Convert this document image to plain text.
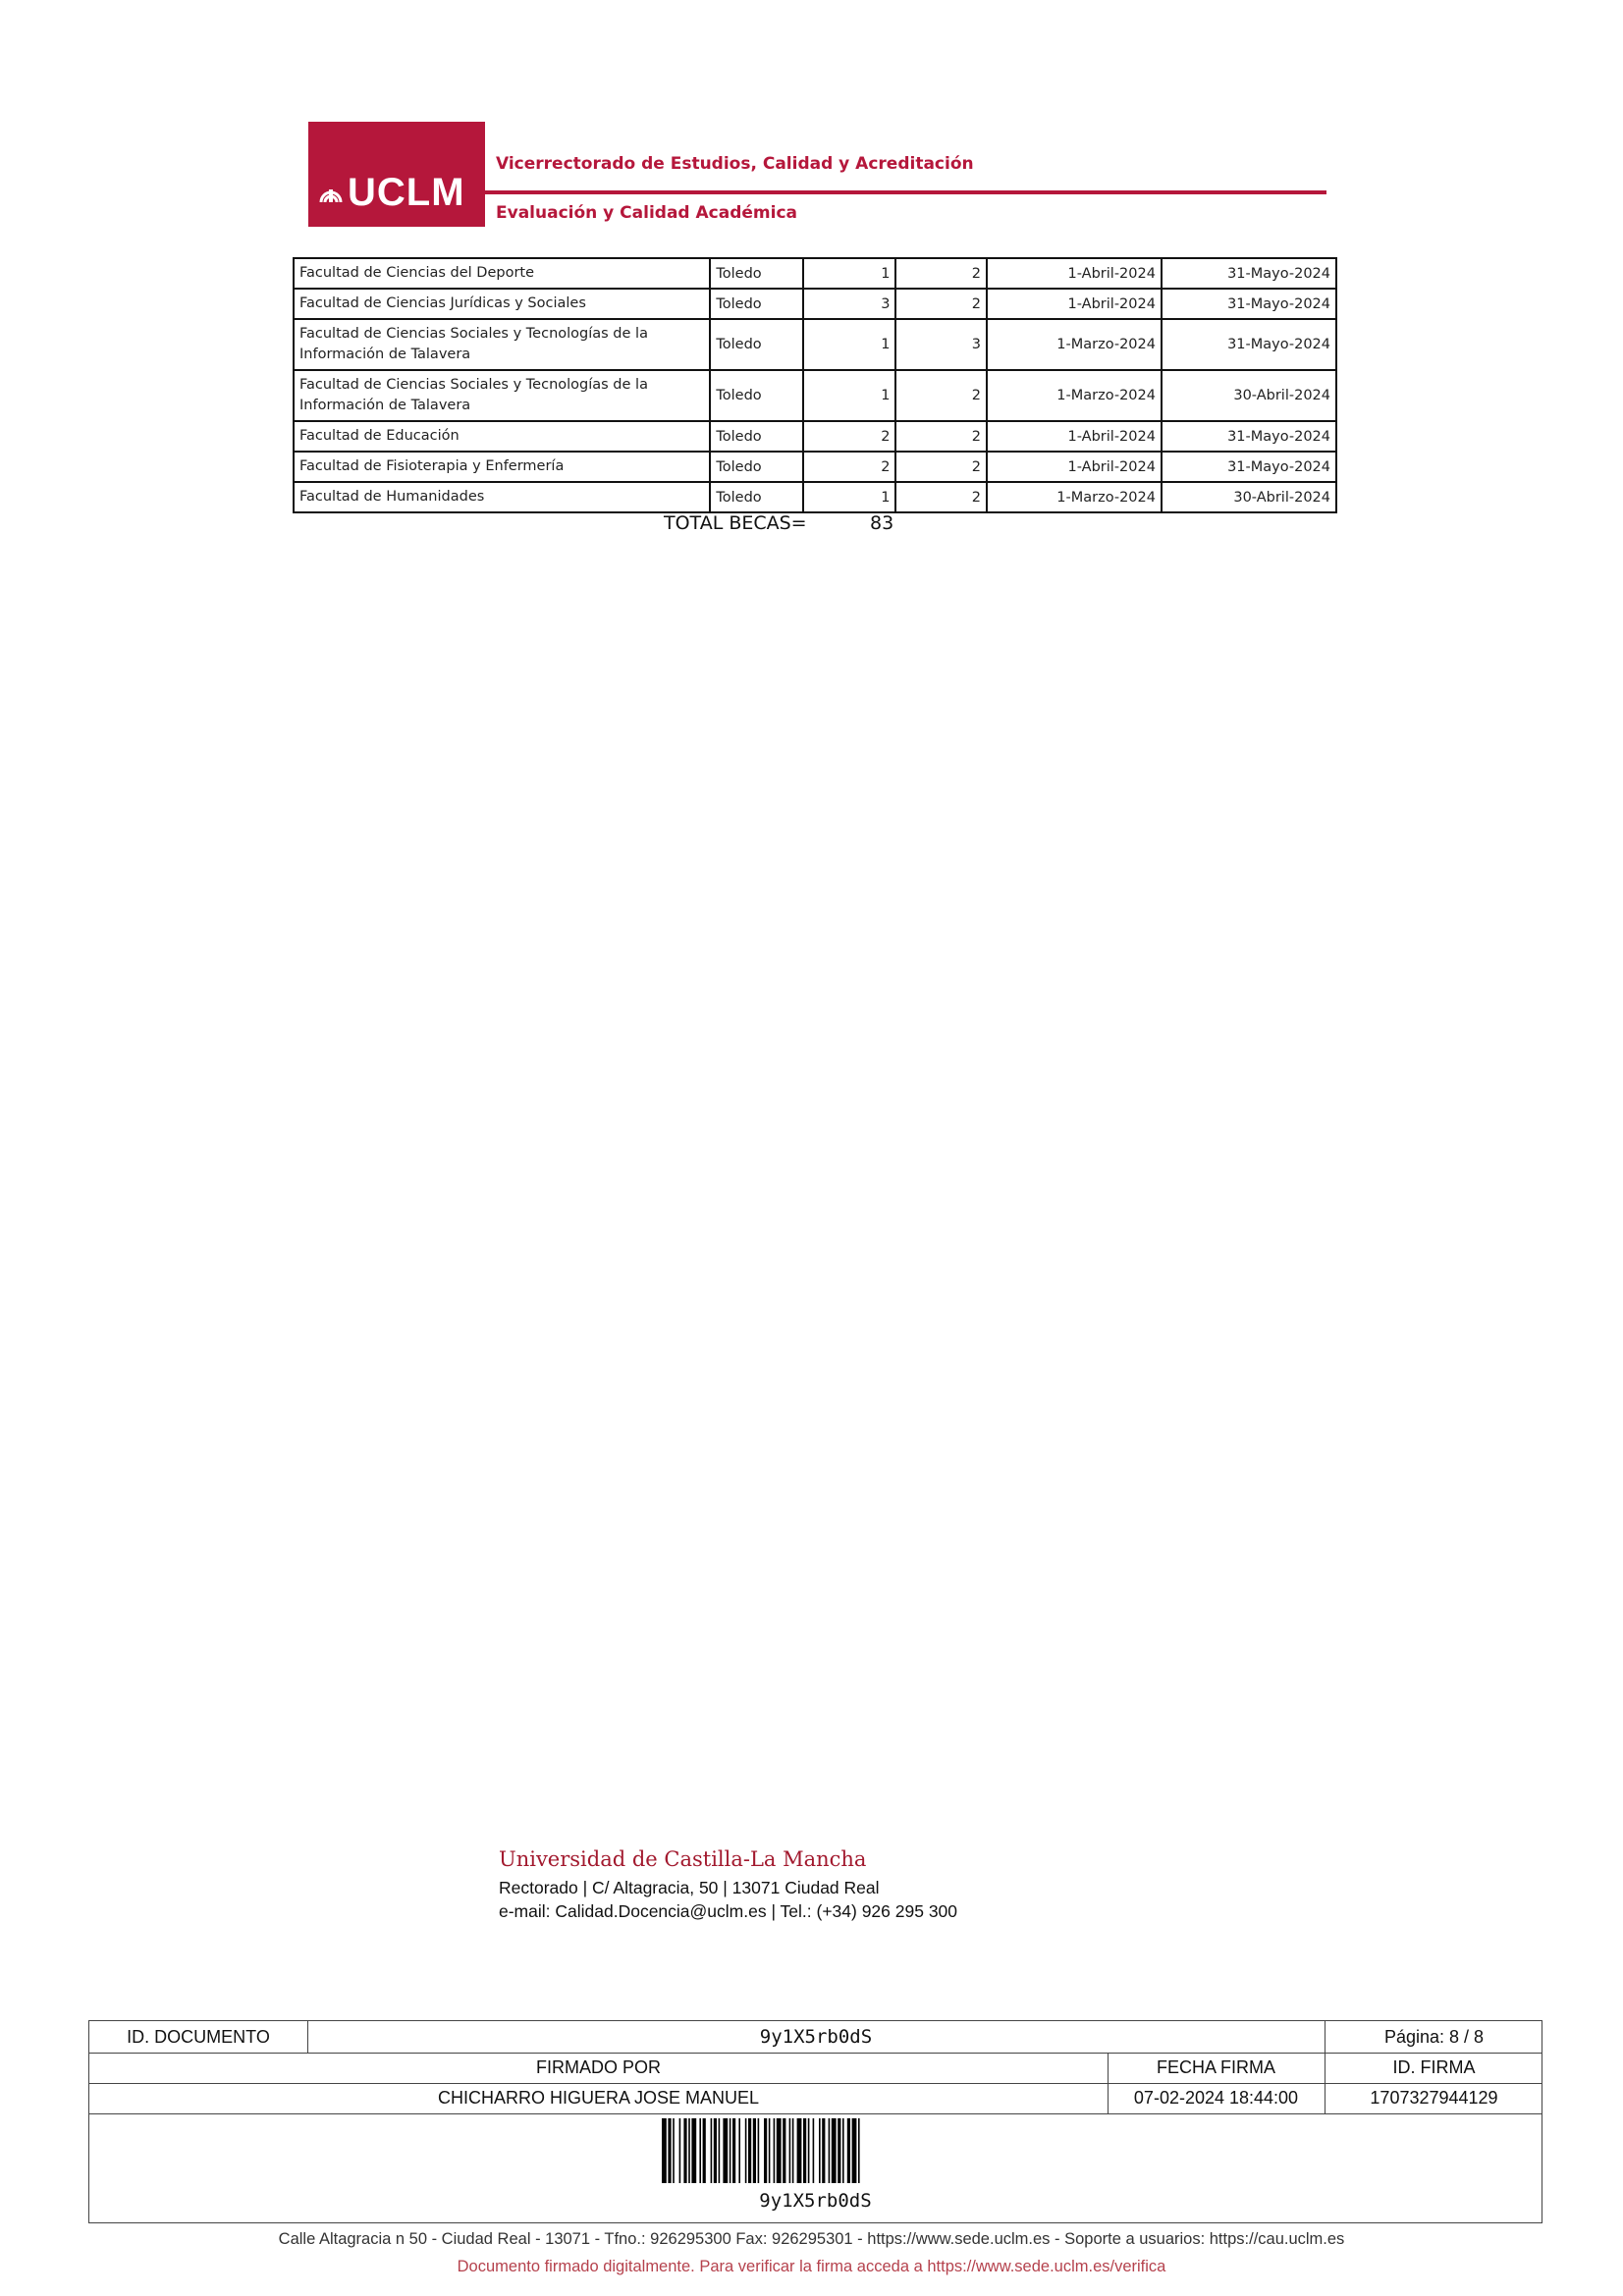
UCLM
Vicerrectorado de Estudios, Calidad y Acreditación
Evaluación y Calidad Académica
Facultad de Ciencias del Deporte	Toledo	1	2	1-Abril-2024	31-Mayo-2024
Facultad de Ciencias Jurídicas y Sociales	Toledo	3	2	1-Abril-2024	31-Mayo-2024
Facultad de Ciencias Sociales y Tecnologías de la Información de Talavera	Toledo	1	3	1-Marzo-2024	31-Mayo-2024
Facultad de Ciencias Sociales y Tecnologías de la Información de Talavera	Toledo	1	2	1-Marzo-2024	30-Abril-2024
Facultad de Educación	Toledo	2	2	1-Abril-2024	31-Mayo-2024
Facultad de Fisioterapia y Enfermería	Toledo	2	2	1-Abril-2024	31-Mayo-2024
Facultad de Humanidades	Toledo	1	2	1-Marzo-2024	30-Abril-2024
TOTAL BECAS=	83
Universidad de Castilla-La Mancha
Rectorado | C/ Altagracia, 50 | 13071 Ciudad Real
e-mail: Calidad.Docencia@uclm.es | Tel.: (+34) 926 295 300
ID. DOCUMENTO	9y1X5rb0dS	Página: 8 / 8
FIRMADO POR	FECHA FIRMA	ID. FIRMA
CHICHARRO HIGUERA JOSE MANUEL	07-02-2024 18:44:00	1707327944129
9y1X5rb0dS
Calle Altagracia n 50 - Ciudad Real - 13071 - Tfno.: 926295300 Fax: 926295301 - https://www.sede.uclm.es - Soporte a usuarios: https://cau.uclm.es
Documento firmado digitalmente. Para verificar la firma acceda a https://www.sede.uclm.es/verifica
